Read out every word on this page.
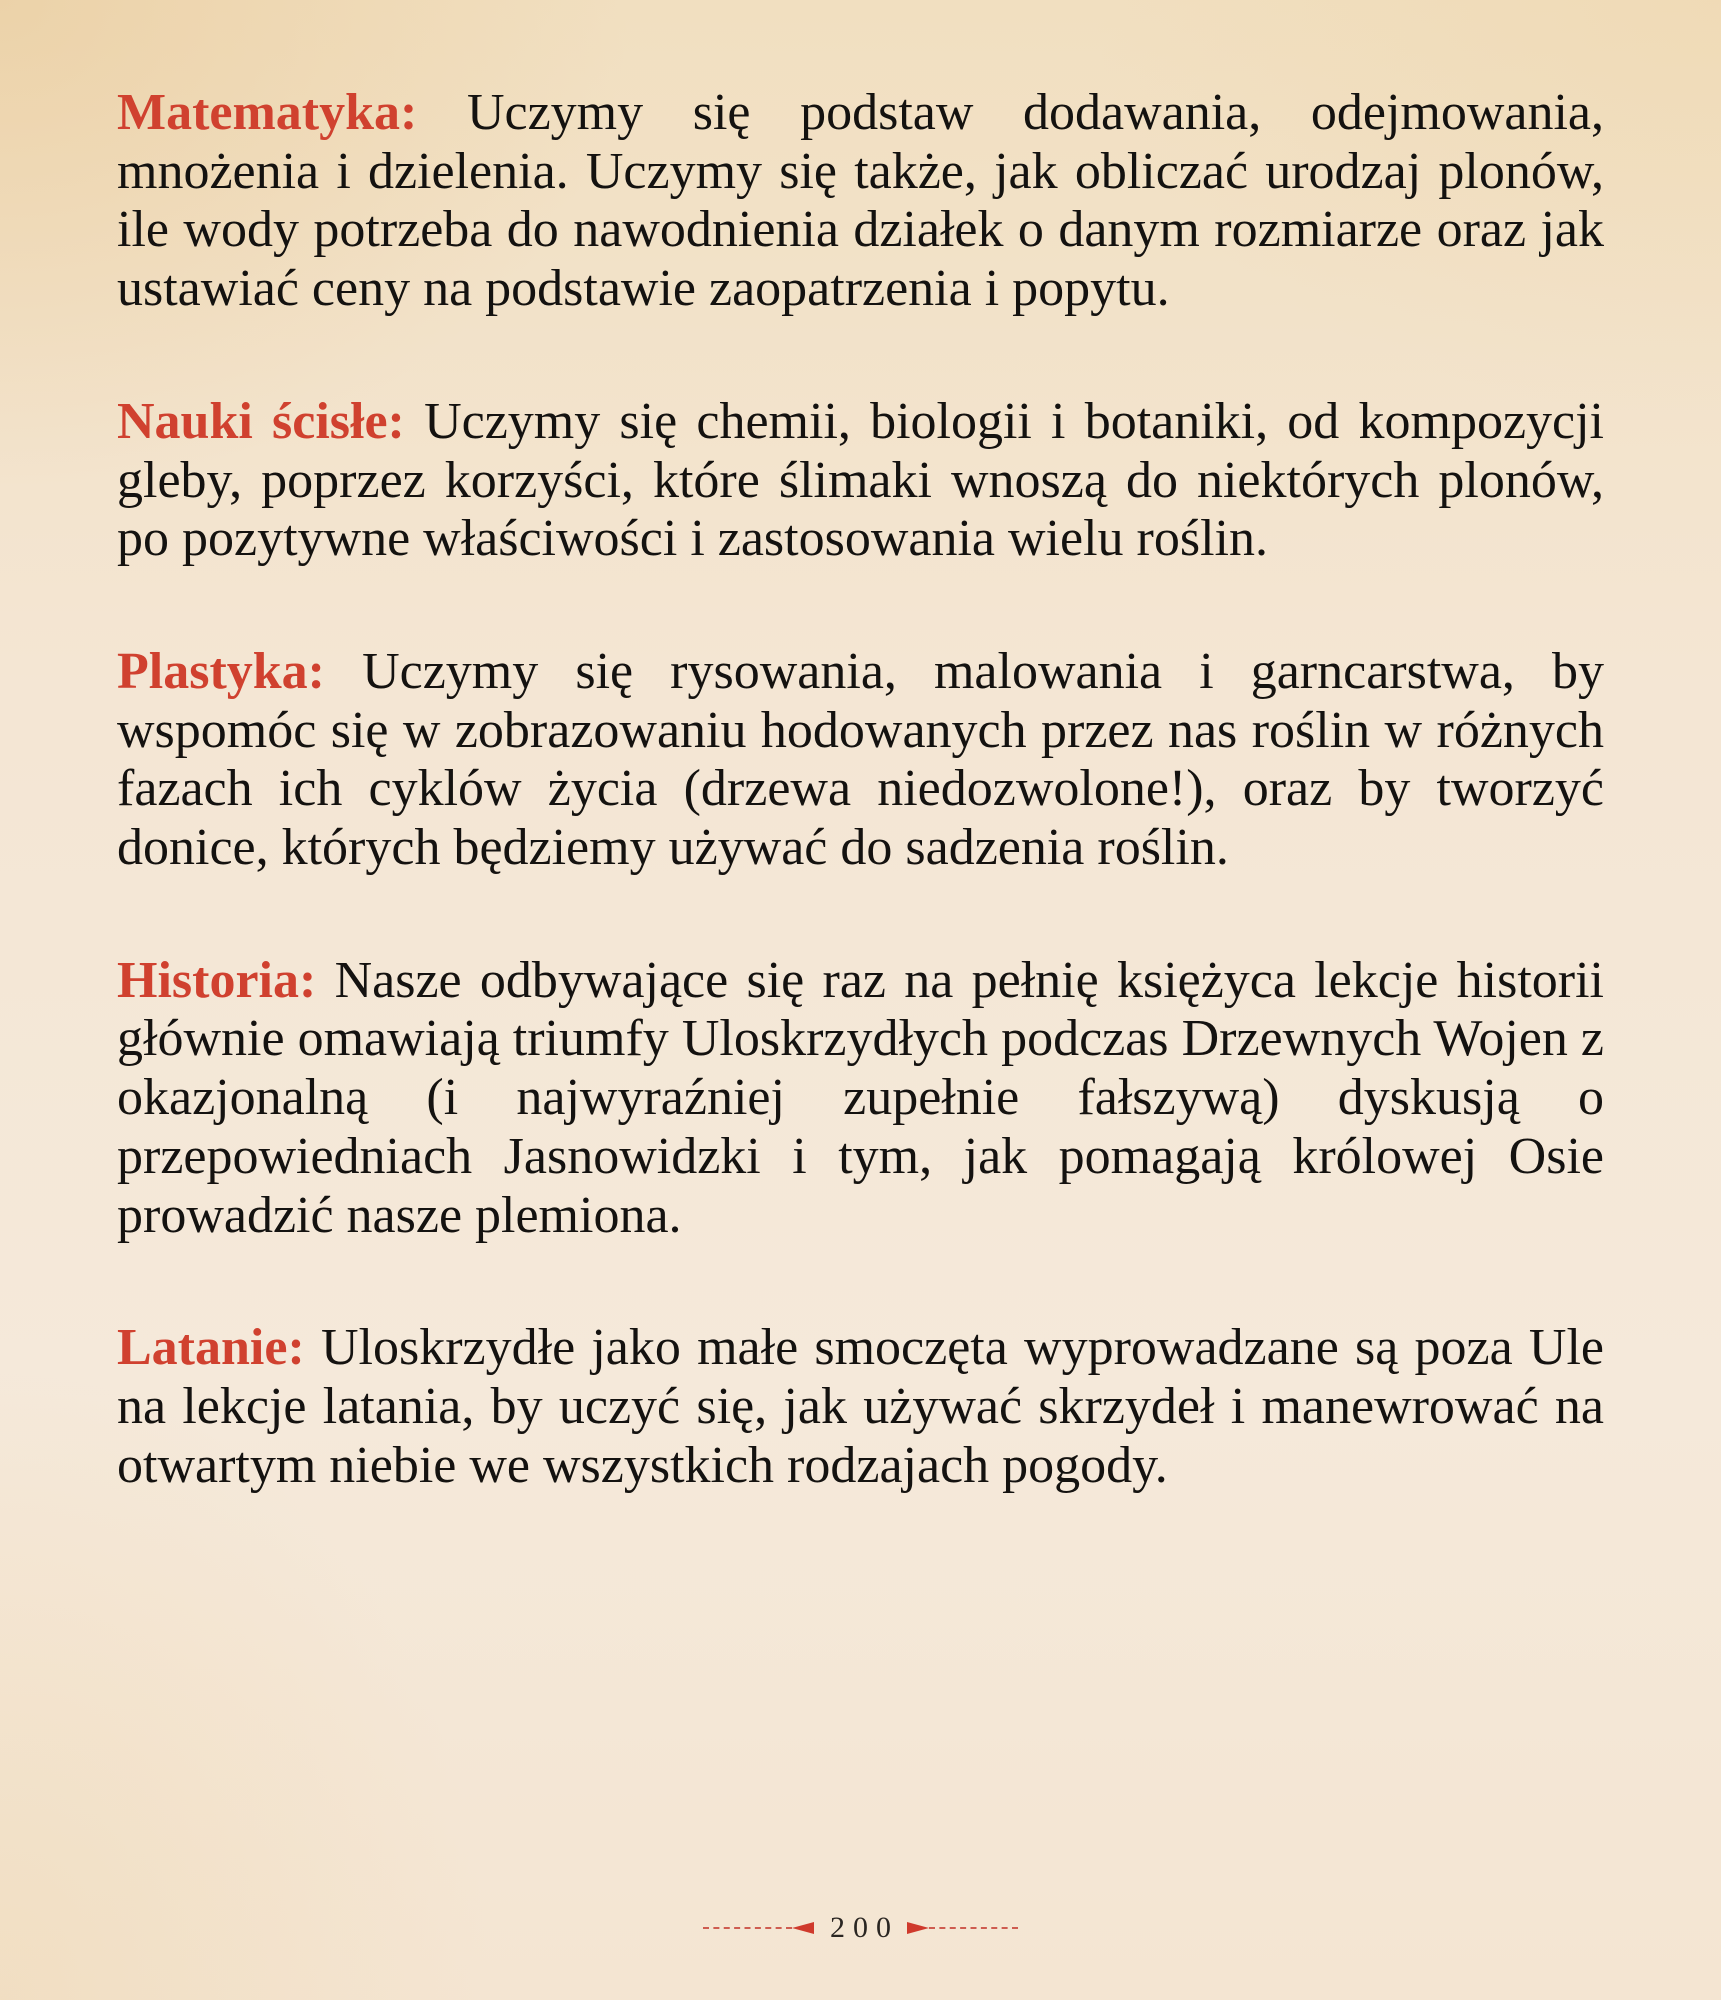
Matematyka: Uczymy się podstaw dodawania, odejmowania, mnożenia i dzielenia. Uczymy się także, jak obliczać urodzaj plonów, ile wody potrzeba do nawodnienia działek o danym rozmiarze oraz jak ustawiać ceny na podstawie zaopatrzenia i popytu.

Nauki ścisłe: Uczymy się chemii, biologii i botaniki, od kompozycji gleby, poprzez korzyści, które ślimaki wnoszą do niektórych plonów, po pozytywne właściwości i zastosowania wielu roślin.

Plastyka: Uczymy się rysowania, malowania i garncarstwa, by wspomóc się w zobrazowaniu hodowanych przez nas roślin w różnych fazach ich cyklów życia (drzewa niedozwolone!), oraz by tworzyć donice, których będziemy używać do sadzenia roślin.

Historia: Nasze odbywające się raz na pełnię księżyca lekcje historii głównie omawiają triumfy Uloskrzydłych podczas Drzewnych Wojen z okazjonalną (i najwyraźniej zupełnie fałszywą) dyskusją o przepowiedniach Jasnowidzki i tym, jak pomagają królowej Osie prowadzić nasze plemiona.

Latanie: Uloskrzydłe jako małe smoczęta wyprowadzane są poza Ule na lekcje latania, by uczyć się, jak używać skrzydeł i manewrować na otwartym niebie we wszystkich rodzajach pogody.

200
